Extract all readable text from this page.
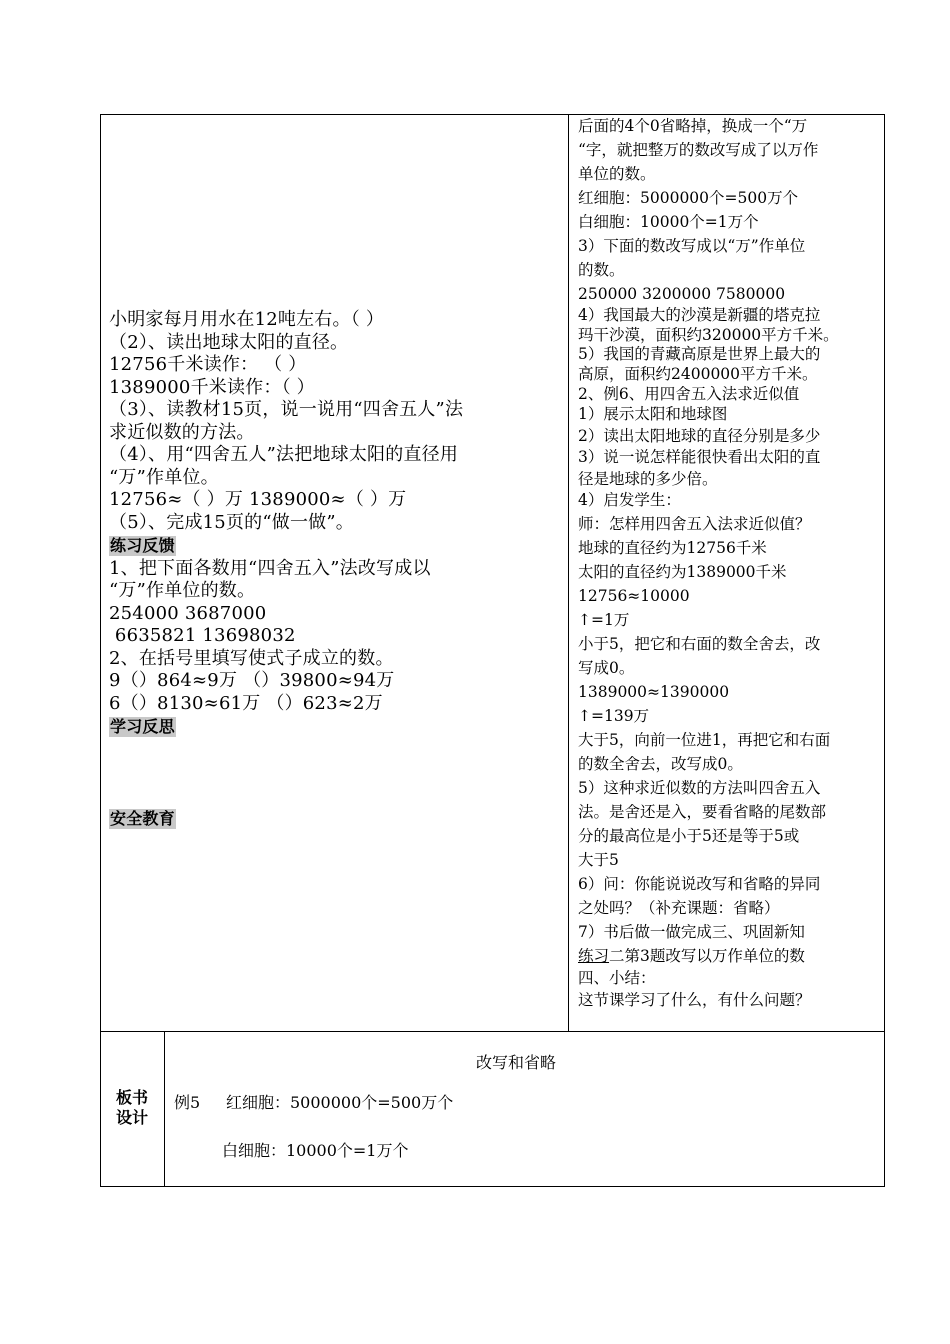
小明家每月用水在12吨左右。（ ）

（2）、读出地球太阳的直径。

12756千米读作： （ ）

1389000千米读作：（ ）

（3）、读教材15页，说一说用“四舍五人”法

求近似数的方法。

（4）、用“四舍五人”法把地球太阳的直径用

“万”作单位。

12756≈（ ）万 1389000≈（ ）万

（5）、完成15页的“做一做”。

练习反馈

1、把下面各数用“四舍五入”法改写成以

“万”作单位的数。

254000 3687000

6635821 13698032

2、在括号里填写使式子成立的数。

9（）864≈9万 （）39800≈94万

6（）8130≈61万 （）623≈2万

学习反思

安全教育

后面的4个0省略掉，换成一个“万

“字，就把整万的数改写成了以万作

单位的数。

红细胞：5000000个=500万个

白细胞：10000个=1万个

3）下面的数改写成以“万”作单位

的数。

250000 3200000 7580000

4）我国最大的沙漠是新疆的塔克拉

玛干沙漠，面积约320000平方千米。

5）我国的青藏高原是世界上最大的

高原，面积约2400000平方千米。

2、例6、用四舍五入法求近似值

1）展示太阳和地球图

2）读出太阳地球的直径分别是多少

3）说一说怎样能很快看出太阳的直

径是地球的多少倍。

4）启发学生：

师：怎样用四舍五入法求近似值？

地球的直径约为12756千米

太阳的直径约为1389000千米

12756≈10000

↑=1万

小于5，把它和右面的数全舍去，改

写成0。

1389000≈1390000

↑=139万

大于5，向前一位进1，再把它和右面

的数全舍去，改写成0。

5）这种求近似数的方法叫四舍五入

法。是舍还是入，要看省略的尾数部

分的最高位是小于5还是等于5或

大于5

6）问：你能说说改写和省略的异同

之处吗？（补充课题：省略）

7）书后做一做完成三、巩固新知

练习二第3题改写以万作单位的数

四、小结：

这节课学习了什么，有什么问题？

板书
设计
改写和省略
例5 红细胞：5000000个=500万个
白细胞：10000个=1万个
